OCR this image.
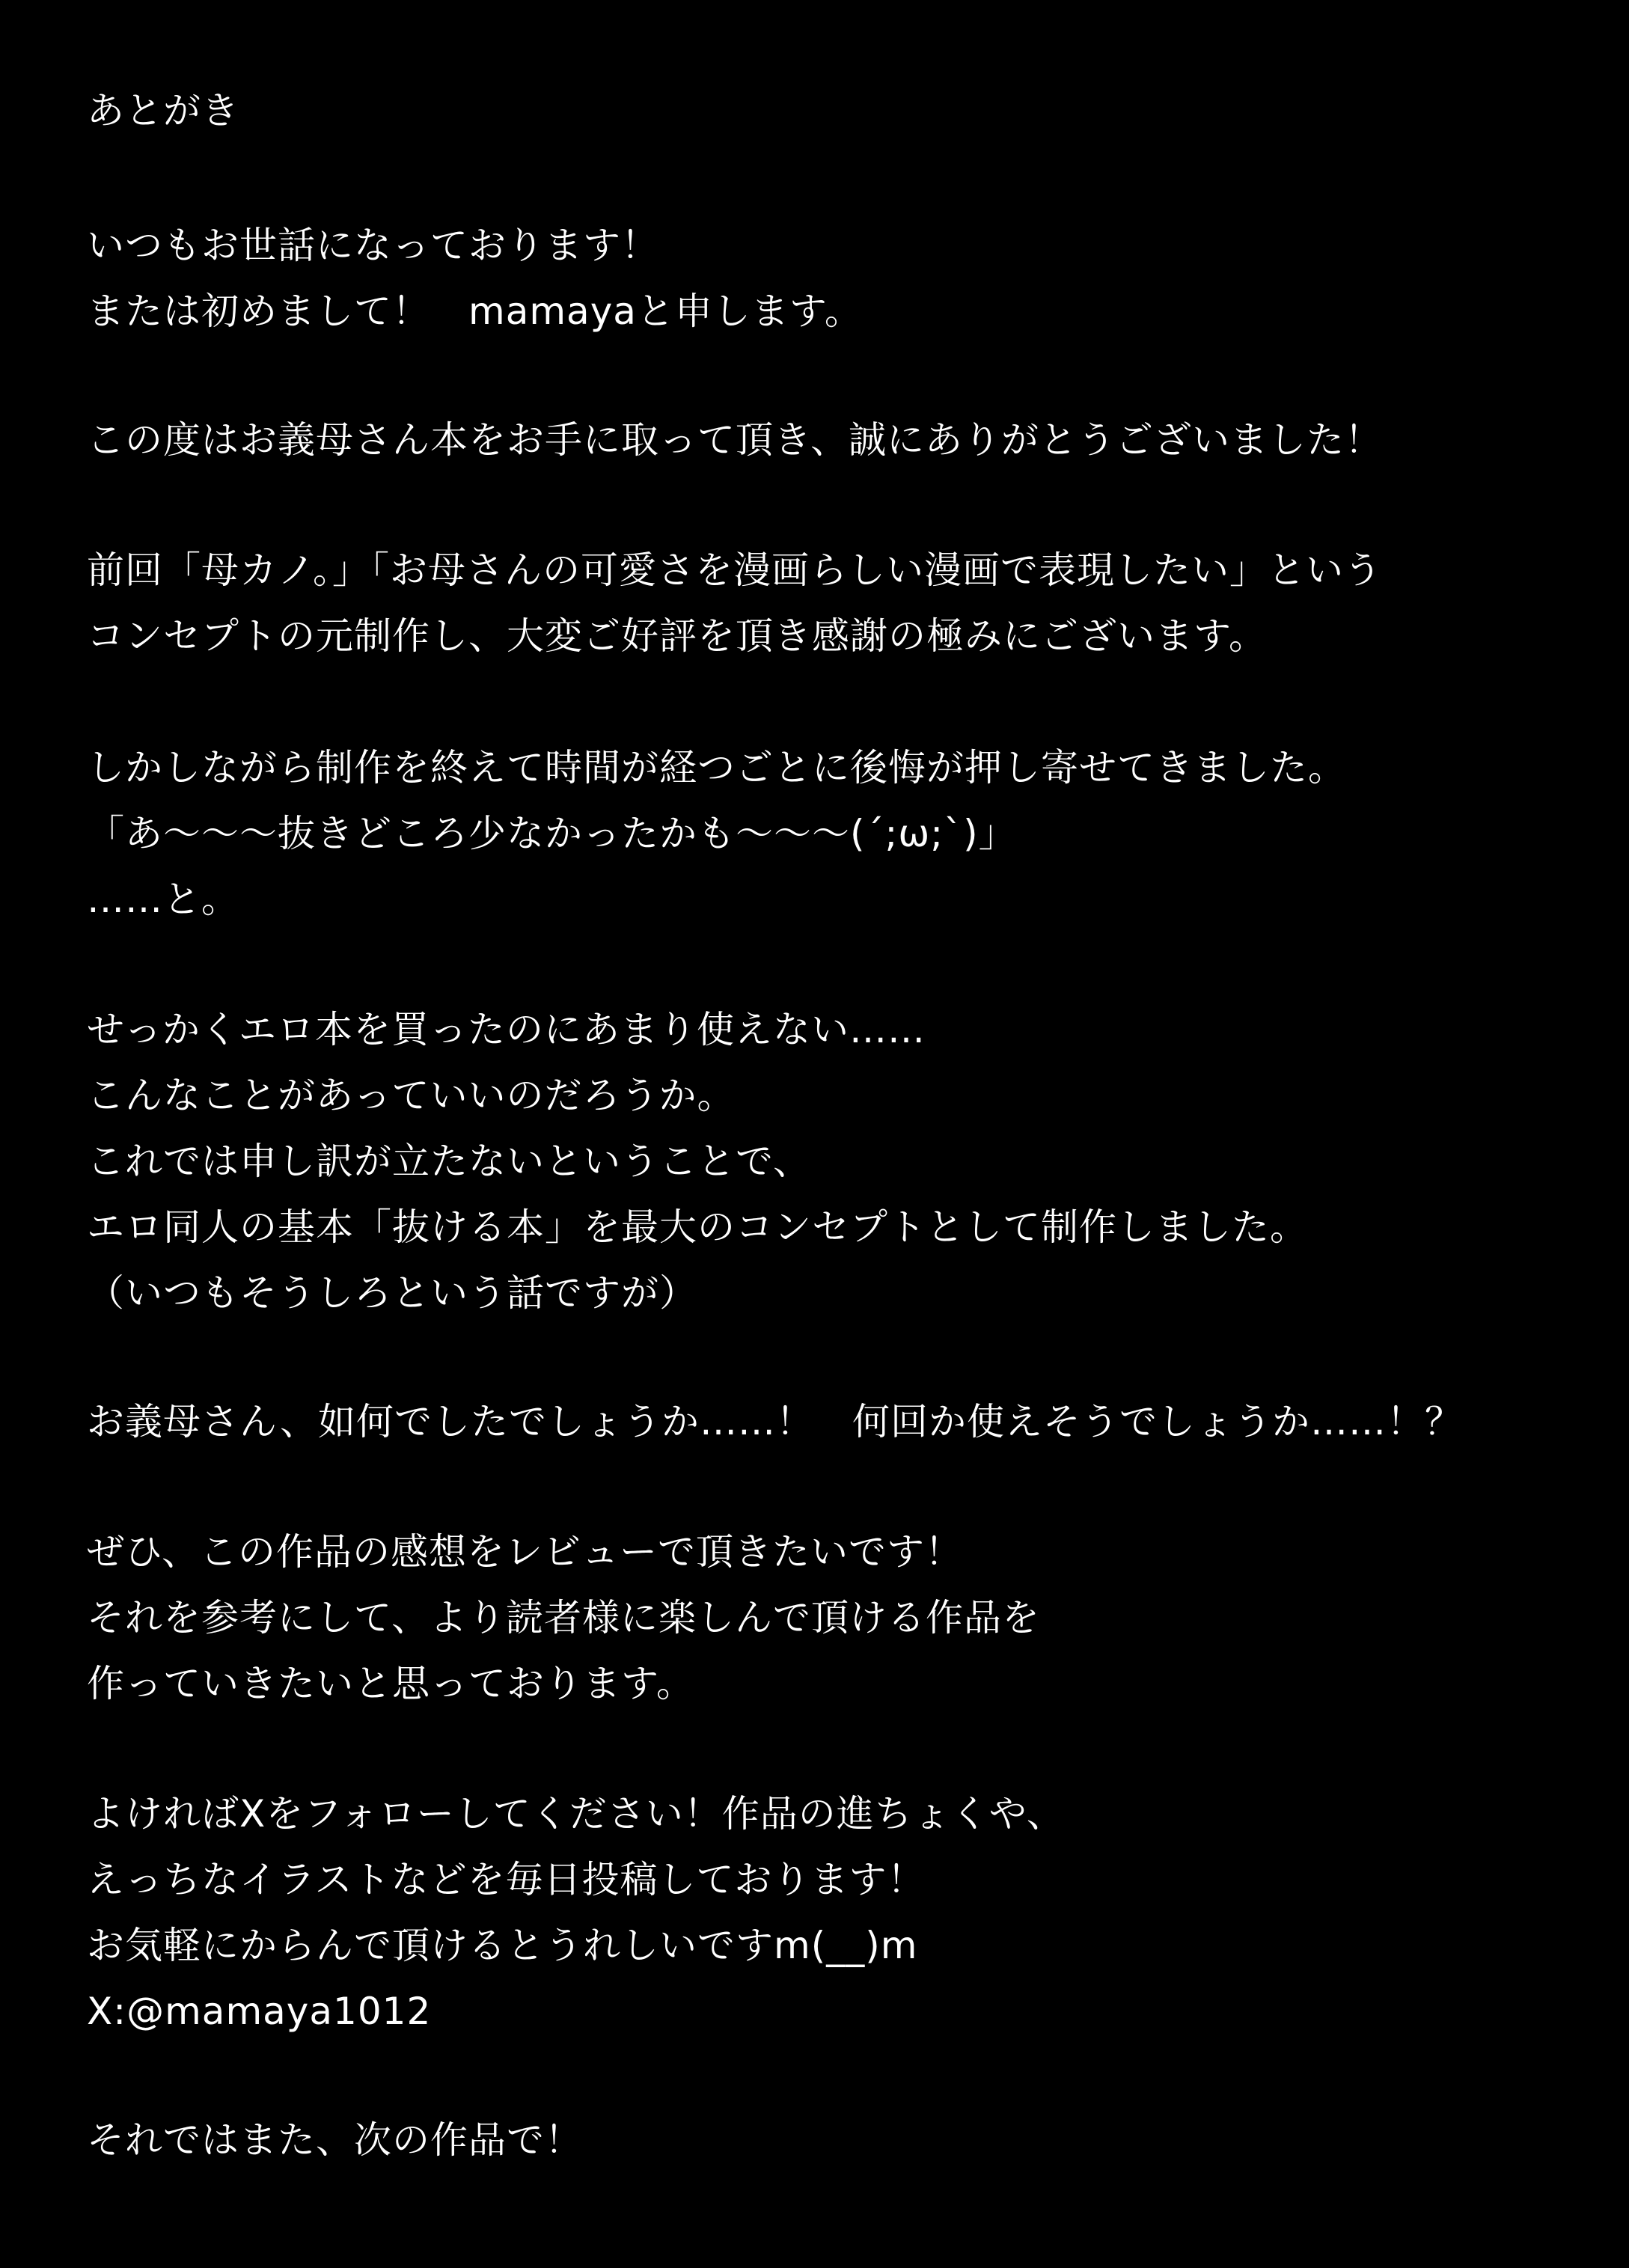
あとがき
いつもお世話になっております！
または初めまして！　mamayaと申します。
この度はお義母さん本をお手に取って頂き、誠にありがとうございました！
前回「母カノ。」「お母さんの可愛さを漫画らしい漫画で表現したい」という
コンセプトの元制作し、大変ご好評を頂き感謝の極みにございます。
しかしながら制作を終えて時間が経つごとに後悔が押し寄せてきました。
「あ～～～抜きどころ少なかったかも～～～(´;ω;`)」
……と。
せっかくエロ本を買ったのにあまり使えない……
こんなことがあっていいのだろうか。
これでは申し訳が立たないということで、
エロ同人の基本「抜ける本」を最大のコンセプトとして制作しました。
（いつもそうしろという話ですが）
お義母さん、如何でしたでしょうか……！　何回か使えそうでしょうか……！？
ぜひ、この作品の感想をレビューで頂きたいです！
それを参考にして、より読者様に楽しんで頂ける作品を
作っていきたいと思っております。
よければXをフォローしてください！作品の進ちょくや、
えっちなイラストなどを毎日投稿しております！
お気軽にからんで頂けるとうれしいですm(__)m
X:@mamaya1012
それではまた、次の作品で！
